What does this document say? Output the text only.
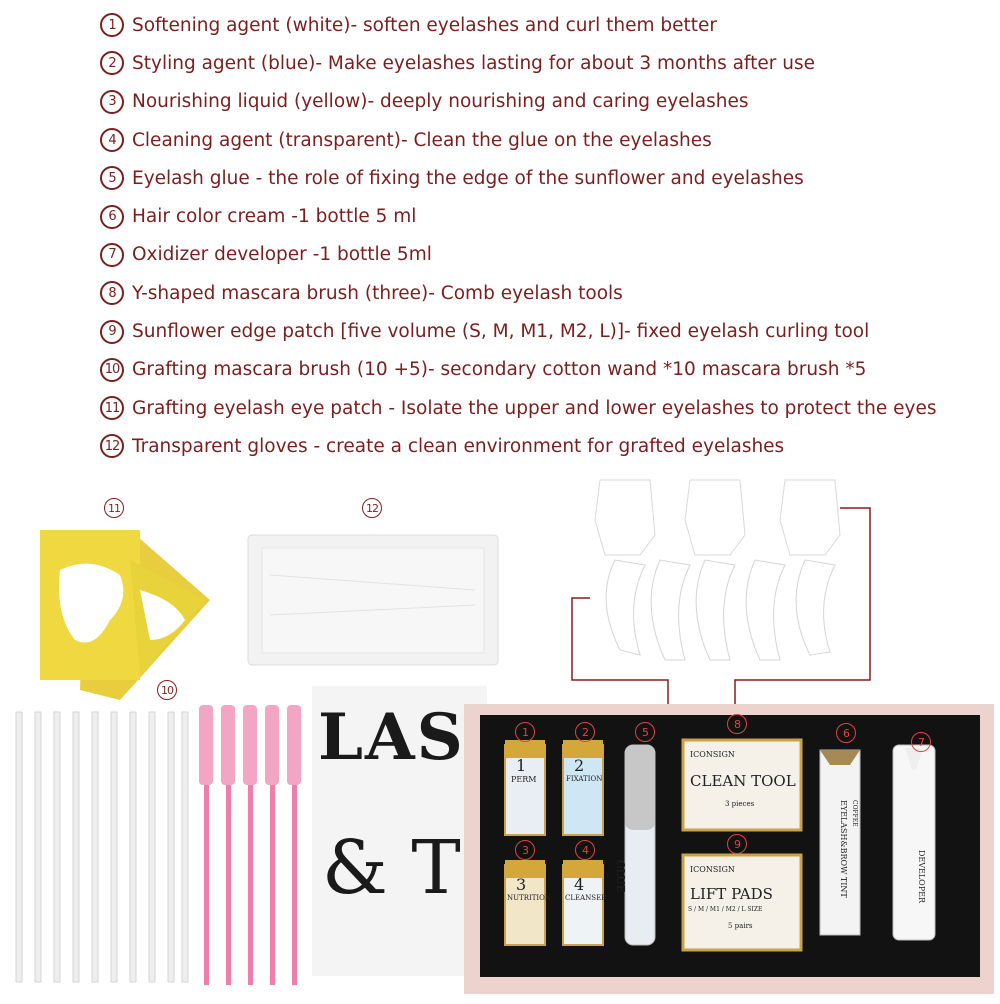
1 Softening agent (white)- soften eyelashes and curl them better
2 Styling agent (blue)- Make eyelashes lasting for about 3 months after use
3 Nourishing liquid (yellow)- deeply nourishing and caring eyelashes
4 Cleaning agent (transparent)- Clean the glue on the eyelashes
5 Eyelash glue - the role of fixing the edge of the sunflower and eyelashes
6 Hair color cream -1 bottle 5 ml
7 Oxidizer developer -1 bottle 5ml
8 Y-shaped mascara brush (three)- Comb eyelash tools
9 Sunflower edge patch [five volume (S, M, M1, M2, L)]- fixed eyelash curling tool
10 Grafting mascara brush (10 +5)- secondary cotton wand *10 mascara brush *5
11 Grafting eyelash eye patch - Isolate the upper and lower eyelashes to protect the eyes
12 Transparent gloves - create a clean environment for grafted eyelashes
11	12
10
1	2	5
8
6
7
3	4	9
LAS
& T
ICONSIGN
CLEAN TOOL
3 pieces
ICONSIGN
LIFT PADS
S / M / M1 / M2 / L SIZE
5 pairs
1
PERM
2
FIXATION
3
NUTRITION
4
CLEANSER
GLUE	EYELASH&BROW TINT COFFEE
DEVELOPER
